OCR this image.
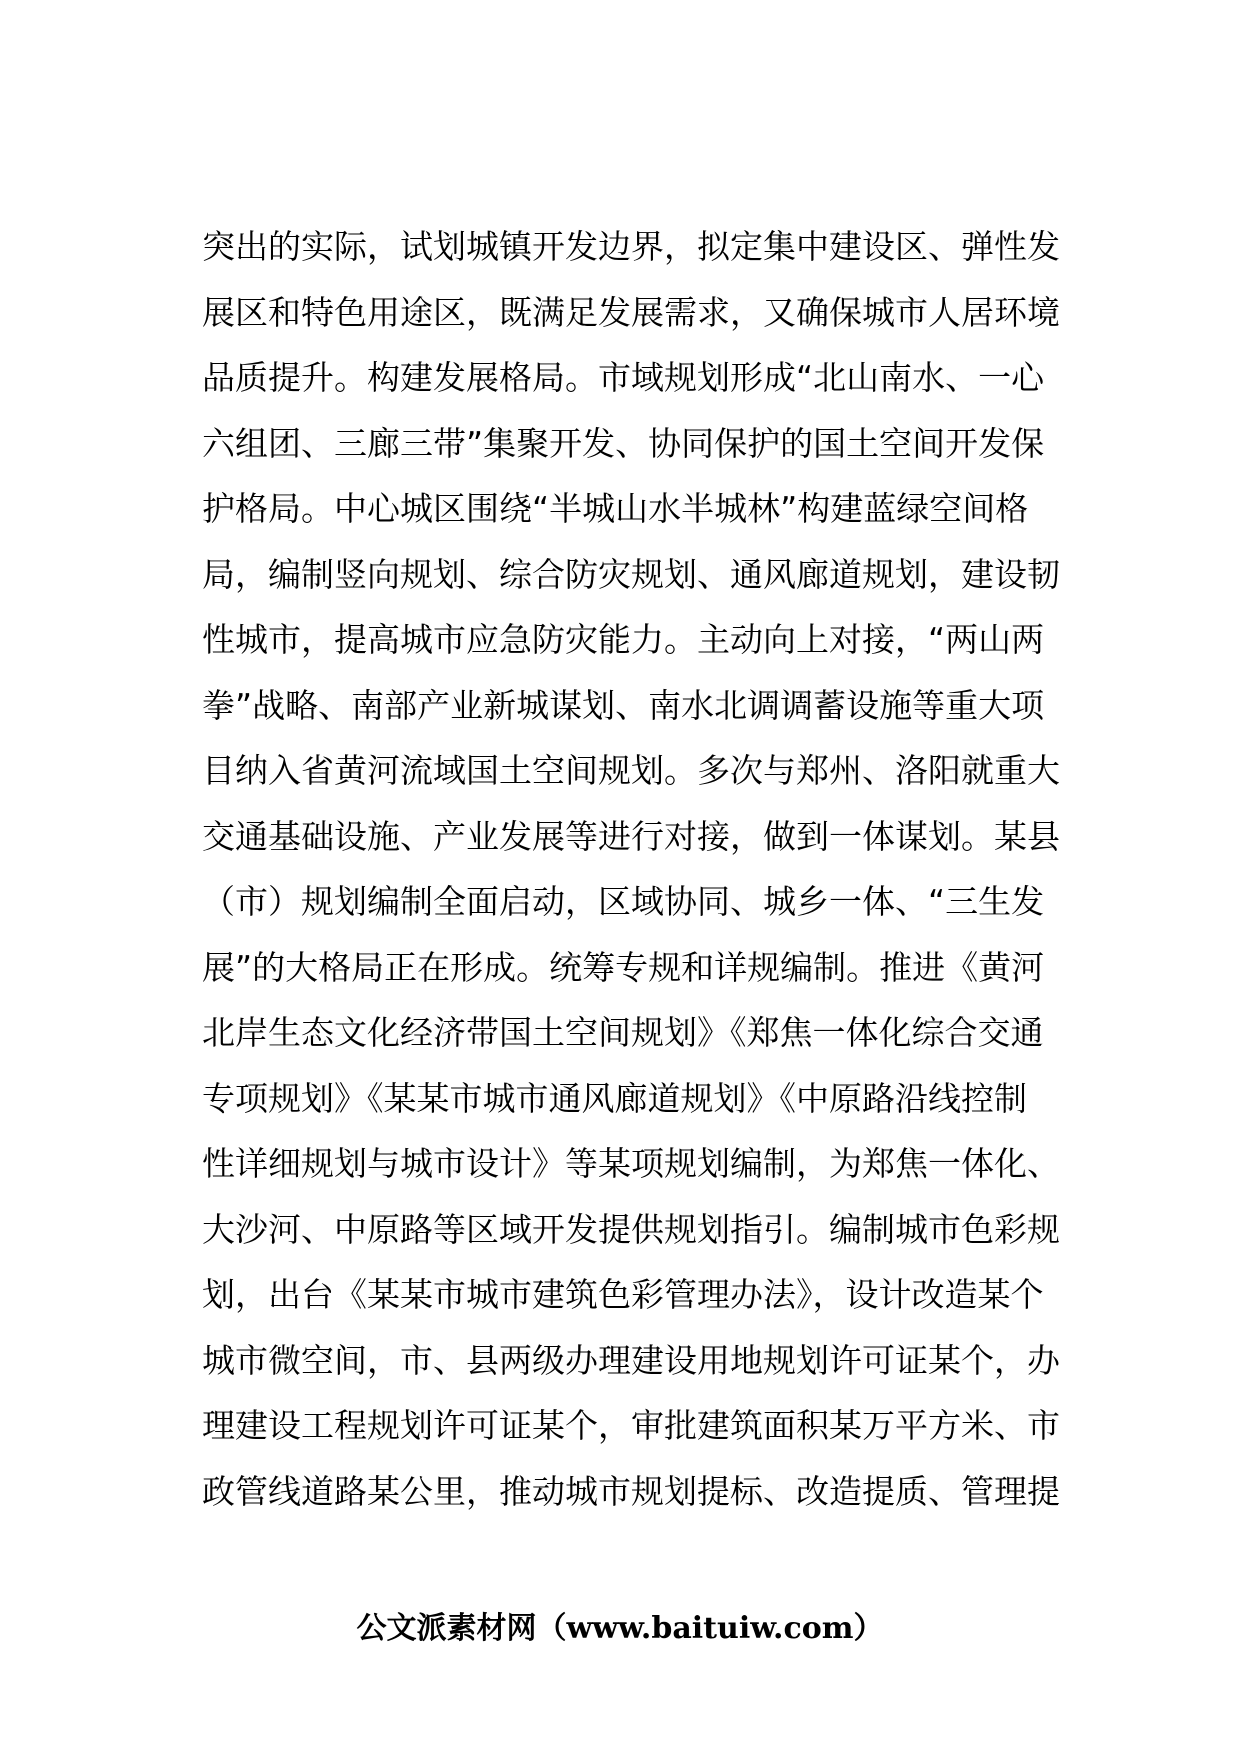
突出的实际，试划城镇开发边界，拟定集中建设区、弹性发
展区和特色用途区，既满足发展需求，又确保城市人居环境
品质提升。构建发展格局。市域规划形成“北山南水、一心
六组团、三廊三带”集聚开发、协同保护的国土空间开发保
护格局。中心城区围绕“半城山水半城林”构建蓝绿空间格
局，编制竖向规划、综合防灾规划、通风廊道规划，建设韧
性城市，提高城市应急防灾能力。主动向上对接，“两山两
拳”战略、南部产业新城谋划、南水北调调蓄设施等重大项
目纳入省黄河流域国土空间规划。多次与郑州、洛阳就重大
交通基础设施、产业发展等进行对接，做到一体谋划。某县
（市）规划编制全面启动，区域协同、城乡一体、“三生发
展”的大格局正在形成。统筹专规和详规编制。推进《黄河
北岸生态文化经济带国土空间规划》《郑焦一体化综合交通
专项规划》《某某市城市通风廊道规划》《中原路沿线控制
性详细规划与城市设计》等某项规划编制，为郑焦一体化、
大沙河、中原路等区域开发提供规划指引。编制城市色彩规
划，出台《某某市城市建筑色彩管理办法》，设计改造某个
城市微空间，市、县两级办理建设用地规划许可证某个，办
理建设工程规划许可证某个，审批建筑面积某万平方米、市
政管线道路某公里，推动城市规划提标、改造提质、管理提
公文派素材网（www.baituiw.com）
